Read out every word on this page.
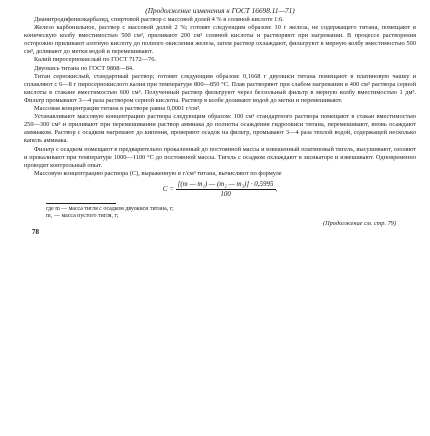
(Продолжение изменения к ГОСТ 16698.11—71)

Дианитродифенилкарбазид, спиртовой раствор с массовой долей 4 % в соляной кислоте 1:6.

Железо карбонильное, раствор с массовой долей 2 %; готовят следующим образом: 10 г железа, не содержащего титана, помещают в коническую колбу вместимостью 500 см³, приливают 200 см³ соляной кислоты и растворяют при нагревании. В процессе растворения осторожно приливают азотную кислоту до полного окисления железа, затем раствор охлаждают, фильтруют в мерную колбу вместимостью 500 см³, доливают до метки водой и перемешивают.

Калий пиросернокислый по ГОСТ 7172—76.

Двуокись титана по ГОСТ 9808—84.

Титан сернокислый, стандартный раствор; готовят следующим образом: 0,1668 г двуокиси титана помещают в платиновую чашку и сплавляют с 6—8 г пиросернокислого калия при температуре 800—850 °С. Плав растворяют при слабом нагревании в 400 см³ раствора серной кислоты в стакане вместимостью 600 см³. Полученный раствор фильтруют через беззольный фильтр в мерную колбу вместимостью 1 дм³. Фильтр промывают 3—4 раза раствором серной кислоты. Раствор в колбе доливают водой до метки и перемешивают.

Массовая концентрация титана в растворе равна 0,0001 г/см³.

Устанавливают массовую концентрацию раствора следующим образом: 100 см³ стандартного раствора помещают в стакан вместимостью 250—300 см³ и приливают при перемешивании раствор аммиака до полноты осаждения гидроокиси титана, перемешивают, вновь осаждают аммиаком. Раствор с осадком нагревают до кипения, проверяют осадок на фильтр, промывают 3—4 раза теплой водой, содержащей несколько капель аммиака.

Фильтр с осадком помещают в предварительно прокаленный до постоянной массы и взвешенный платиновый тигель, высушивают, озоляют и прокаливают при температуре 1000—1100 °С до постоянной массы. Тигель с осадком охлаждают в эксикаторе и взвешивают. Одновременно проводят контрольный опыт.

Массовую концентрацию раствора (С), выраженную в г/см³ титана, вычисляют по формуле

$C = \frac{\text{[(m — m₁) — (m₂ — m₃)] · 0,5995}}{100}$ ,

где m — масса тигля с осадком двуокиси титана, г;

m₁ — масса пустого тигля, г;

(Продолжение см. стр. 79)

78
